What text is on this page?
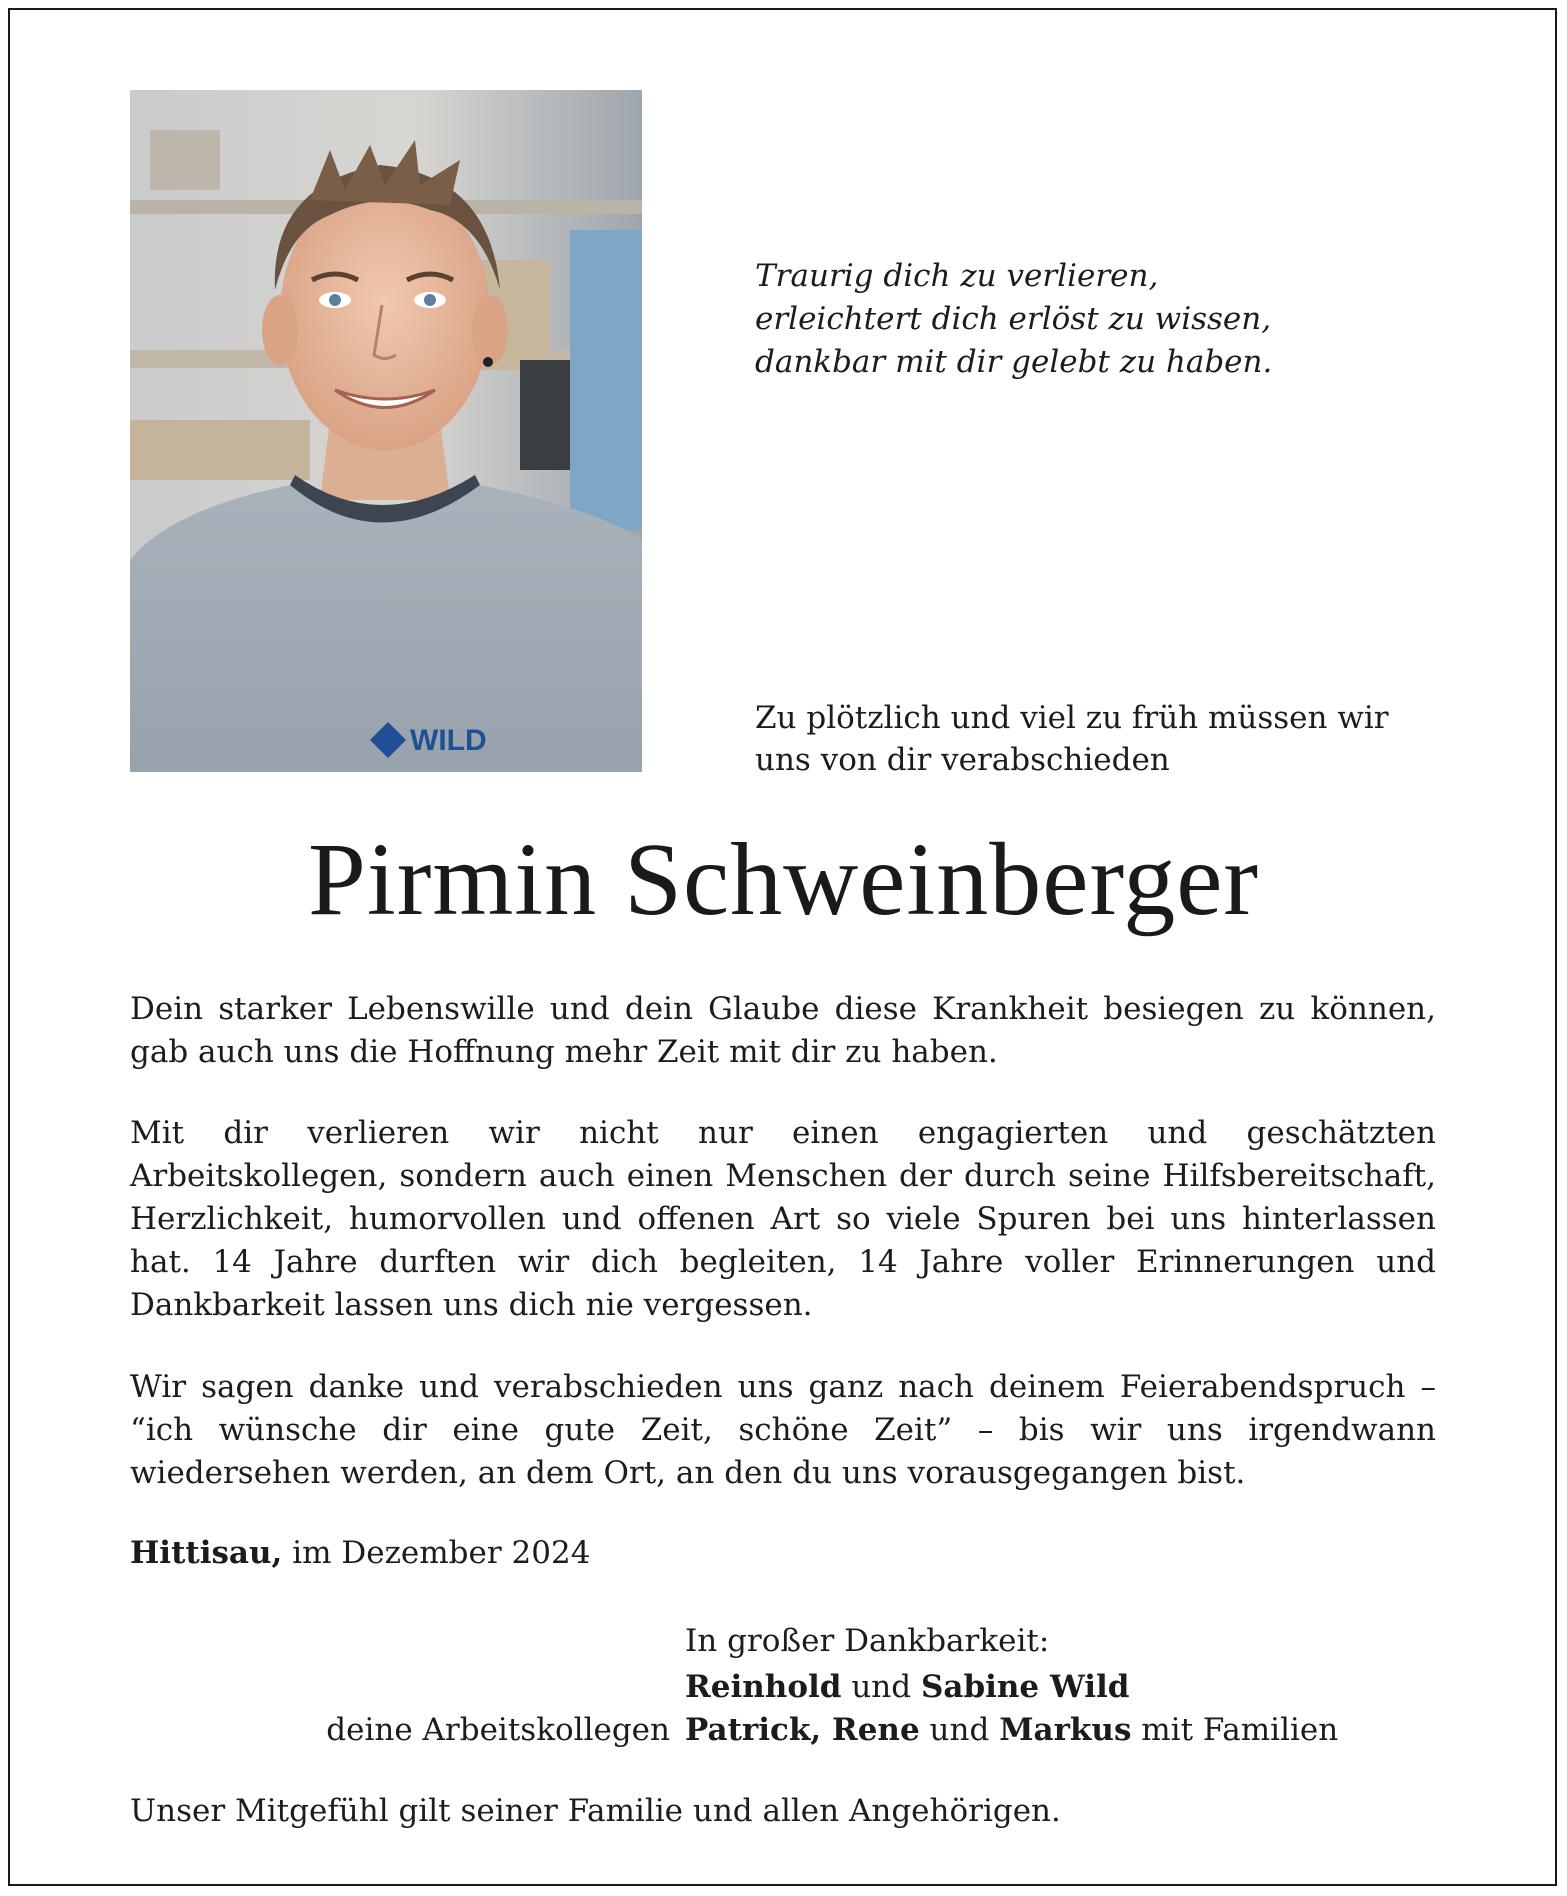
WILD
Traurig dich zu verlieren,
erleichtert dich erlöst zu wissen,
dankbar mit dir gelebt zu haben.
Zu plötzlich und viel zu früh müssen wir
uns von dir verabschieden
Pirmin Schweinberger
Dein starker Lebenswille und dein Glaube diese Krankheit besiegen zu können, gab auch uns die Hoffnung mehr Zeit mit dir zu haben.
Mit dir verlieren wir nicht nur einen engagierten und geschätzten Arbeitskollegen, sondern auch einen Menschen der durch seine Hilfsbereitschaft, Herzlichkeit, humorvollen und offenen Art so viele Spuren bei uns hinterlassen hat. 14 Jahre durften wir dich begleiten, 14 Jahre voller Erinnerungen und Dankbarkeit lassen uns dich nie vergessen.
Wir sagen danke und verabschieden uns ganz nach deinem Feierabendspruch – “ich wünsche dir eine gute Zeit, schöne Zeit” – bis wir uns irgendwann wiedersehen werden, an dem Ort, an den du uns vorausgegangen bist.
Hittisau, im Dezember 2024
In großer Dankbarkeit:
Reinhold und Sabine Wild
deine Arbeitskollegen Patrick, Rene und Markus mit Familien
Unser Mitgefühl gilt seiner Familie und allen Angehörigen.
